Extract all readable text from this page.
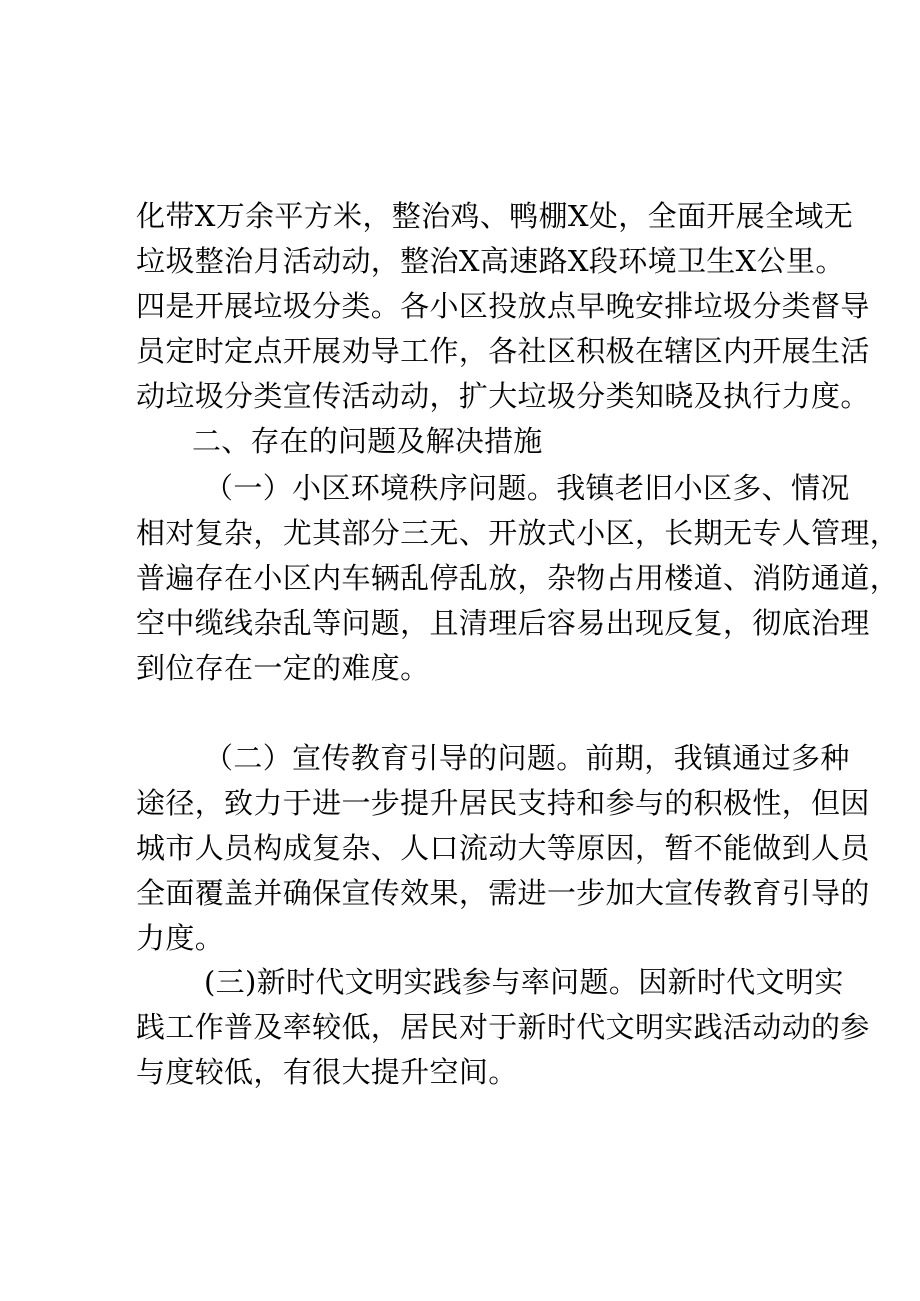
化带X万余平方米，整治鸡、鸭棚X处，全面开展全域无
垃圾整治月活动动，整治X高速路X段环境卫生X公里。
四是开展垃圾分类。各小区投放点早晚安排垃圾分类督导
员定时定点开展劝导工作，各社区积极在辖区内开展生活
动垃圾分类宣传活动动，扩大垃圾分类知晓及执行力度。
二、存在的问题及解决措施
（一）小区环境秩序问题。我镇老旧小区多、情况
相对复杂，尤其部分三无、开放式小区，长期无专人管理，
普遍存在小区内车辆乱停乱放，杂物占用楼道、消防通道，
空中缆线杂乱等问题，且清理后容易出现反复，彻底治理
到位存在一定的难度。
（二）宣传教育引导的问题。前期，我镇通过多种
途径，致力于进一步提升居民支持和参与的积极性，但因
城市人员构成复杂、人口流动大等原因，暂不能做到人员
全面覆盖并确保宣传效果，需进一步加大宣传教育引导的
力度。
(三)新时代文明实践参与率问题。因新时代文明实
践工作普及率较低，居民对于新时代文明实践活动动的参
与度较低，有很大提升空间。
